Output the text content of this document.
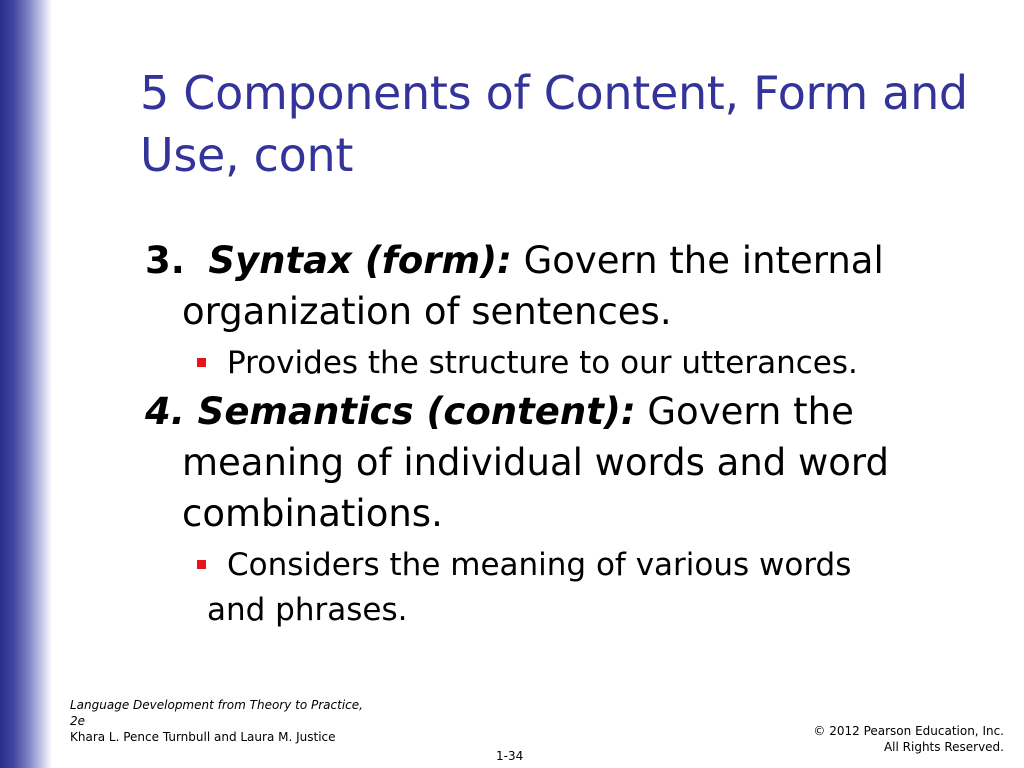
5 Components of Content, Form and Use, cont

3. Syntax (form): Govern the internal organization of sentences.

Provides the structure to our utterances.

4. Semantics (content): Govern the meaning of individual words and word combinations.

Considers the meaning of various words
and phrases.

Language Development from Theory to Practice, 2e
Khara L. Pence Turnbull and Laura M. Justice	© 2012 Pearson Education, Inc.
All Rights Reserved.
1-34
